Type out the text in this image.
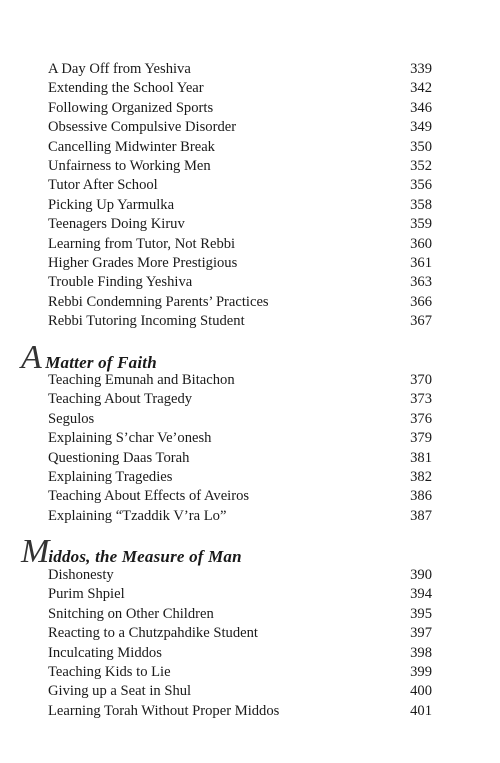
A Day Off from Yeshiva	339
Extending the School Year	342
Following Organized Sports	346
Obsessive Compulsive Disorder	349
Cancelling Midwinter Break	350
Unfairness to Working Men	352
Tutor After School	356
Picking Up Yarmulka	358
Teenagers Doing Kiruv	359
Learning from Tutor, Not Rebbi	360
Higher Grades More Prestigious	361
Trouble Finding Yeshiva	363
Rebbi Condemning Parents’ Practices	366
Rebbi Tutoring Incoming Student	367
A Matter of Faith
Teaching Emunah and Bitachon	370
Teaching About Tragedy	373
Segulos	376
Explaining S’char Ve’onesh	379
Questioning Daas Torah	381
Explaining Tragedies	382
Teaching About Effects of Aveiros	386
Explaining “Tzaddik V’ra Lo”	387
Middos, the Measure of Man
Dishonesty	390
Purim Shpiel	394
Snitching on Other Children	395
Reacting to a Chutzpahdike Student	397
Inculcating Middos	398
Teaching Kids to Lie	399
Giving up a Seat in Shul	400
Learning Torah Without Proper Middos	401
